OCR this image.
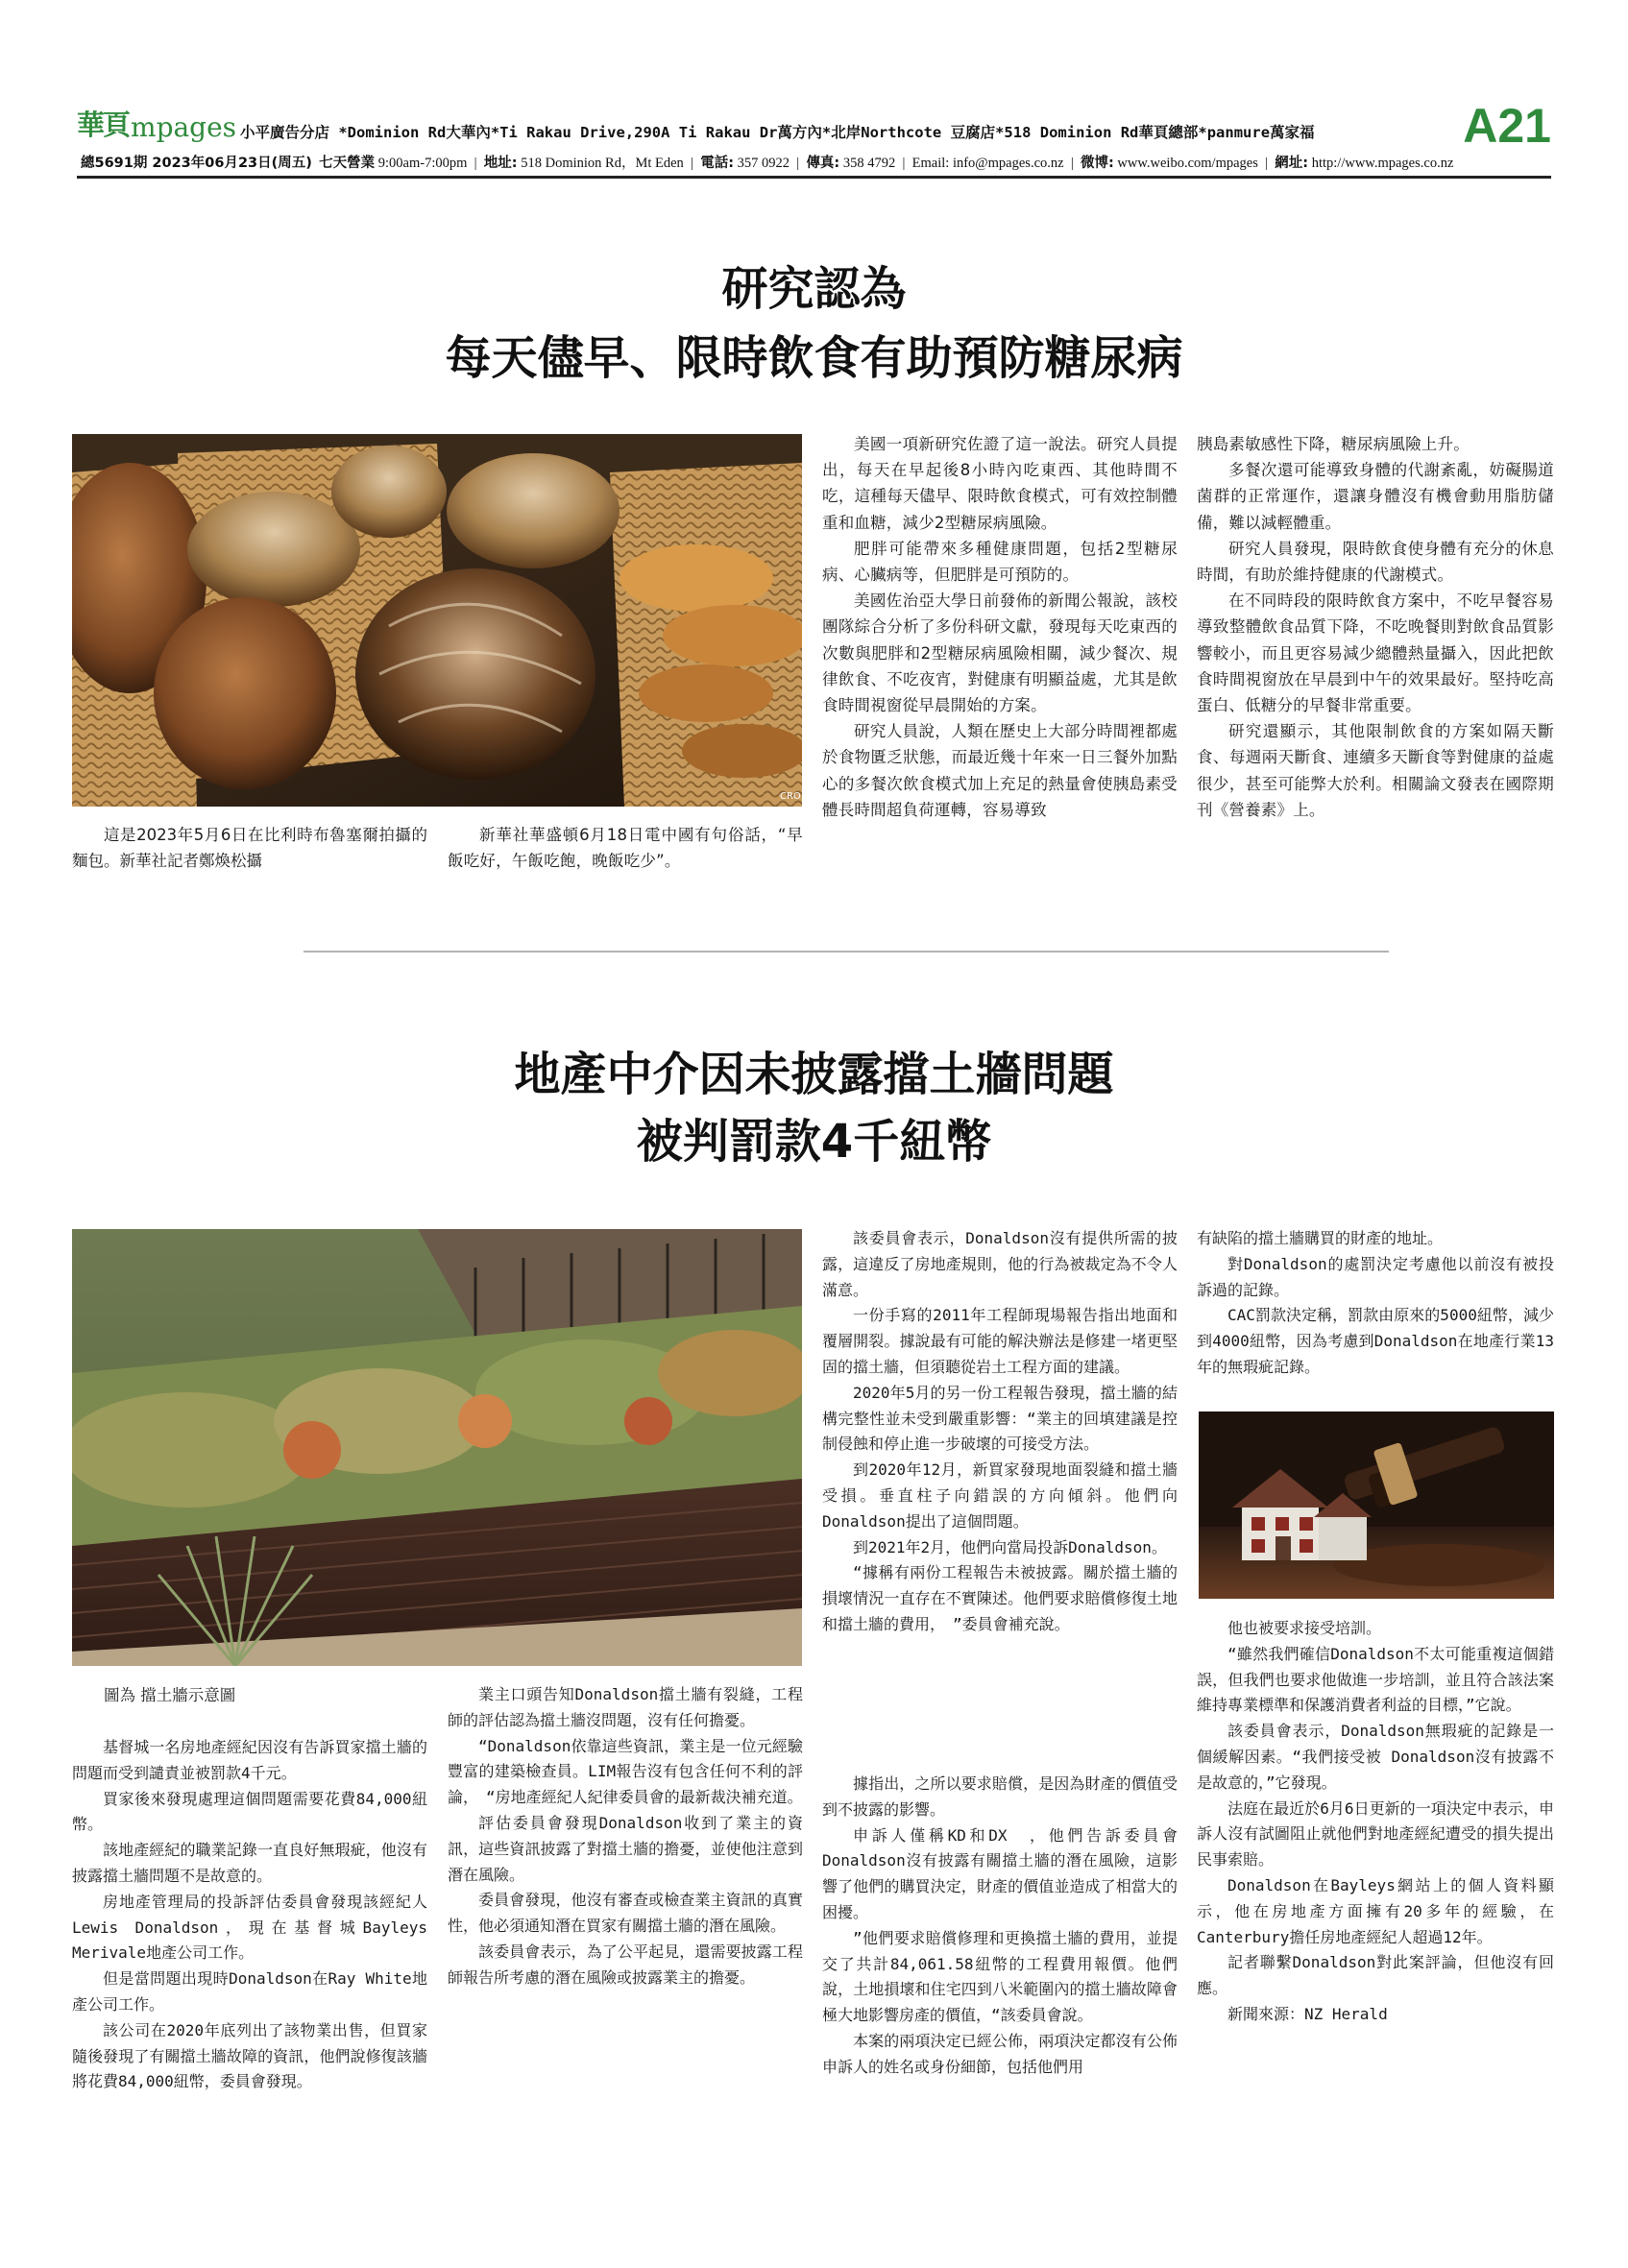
華頁 mpages 小平廣告分店 *Dominion Rd大華內*Ti Rakau Drive,290A Ti Rakau Dr萬方內*北岸Northcote 豆腐店*518 Dominion Rd華頁總部*panmure萬家福	A21
總5691期 2023年06月23日(周五) 七天營業 9:00am-7:00pm  |  地址: 518 Dominion Rd，Mt Eden  |  電話: 357 0922  |  傳真: 358 4792  |  Email: info@mpages.co.nz  |  微博: www.weibo.com/mpages  |  網址: http://www.mpages.co.nz
研究認為
每天儘早、限時飲食有助預防糖尿病
CRO

這是2023年5月6日在比利時布魯塞爾拍攝的麵包。新華社記者鄭煥松攝

新華社華盛頓6月18日電中國有句俗話，“早飯吃好，午飯吃飽，晚飯吃少”。

美國一項新研究佐證了這一說法。研究人員提出，每天在早起後8小時內吃東西、其他時間不吃，這種每天儘早、限時飲食模式，可有效控制體重和血糖，減少2型糖尿病風險。

肥胖可能帶來多種健康問題，包括2型糖尿病、心臟病等，但肥胖是可預防的。

美國佐治亞大學日前發佈的新聞公報說，該校團隊綜合分析了多份科研文獻，發現每天吃東西的次數與肥胖和2型糖尿病風險相關，減少餐次、規律飲食、不吃夜宵，對健康有明顯益處，尤其是飲食時間視窗從早晨開始的方案。

研究人員說，人類在歷史上大部分時間裡都處於食物匱乏狀態，而最近幾十年來一日三餐外加點心的多餐次飲食模式加上充足的熱量會使胰島素受體長時間超負荷運轉，容易導致

胰島素敏感性下降，糖尿病風險上升。

多餐次還可能導致身體的代謝紊亂，妨礙腸道菌群的正常運作，還讓身體沒有機會動用脂肪儲備，難以減輕體重。

研究人員發現，限時飲食使身體有充分的休息時間，有助於維持健康的代謝模式。

在不同時段的限時飲食方案中，不吃早餐容易導致整體飲食品質下降，不吃晚餐則對飲食品質影響較小，而且更容易減少總體熱量攝入，因此把飲食時間視窗放在早晨到中午的效果最好。堅持吃高蛋白、低糖分的早餐非常重要。

研究還顯示，其他限制飲食的方案如隔天斷食、每週兩天斷食、連續多天斷食等對健康的益處很少，甚至可能弊大於利。相關論文發表在國際期刊《營養素》上。

地產中介因未披露擋土牆問題
被判罰款4千紐幣

圖為 擋土牆示意圖

基督城一名房地產經紀因沒有告訴買家擋土牆的問題而受到譴責並被罰款4千元。

買家後來發現處理這個問題需要花費84,000紐幣。

該地產經紀的職業記錄一直良好無瑕疵，他沒有披露擋土牆問題不是故意的。

房地產管理局的投訴評估委員會發現該經紀人Lewis Donaldson，現在基督城Bayleys Merivale地產公司工作。

但是當問題出現時Donaldson在Ray White地產公司工作。

該公司在2020年底列出了該物業出售，但買家隨後發現了有關擋土牆故障的資訊，他們說修復該牆將花費84,000紐幣，委員會發現。

業主口頭告知Donaldson擋土牆有裂縫，工程師的評估認為擋土牆沒問題，沒有任何擔憂。

“Donaldson依靠這些資訊，業主是一位元經驗豐富的建築檢查員。LIM報告沒有包含任何不利的評論，　“房地產經紀人紀律委員會的最新裁決補充道。

評估委員會發現Donaldson收到了業主的資訊，這些資訊披露了對擋土牆的擔憂，並使他注意到潛在風險。

委員會發現，他沒有審查或檢查業主資訊的真實性，他必須通知潛在買家有關擋土牆的潛在風險。

該委員會表示，為了公平起見，還需要披露工程師報告所考慮的潛在風險或披露業主的擔憂。

該委員會表示，Donaldson沒有提供所需的披露，這違反了房地產規則，他的行為被裁定為不令人滿意。

一份手寫的2011年工程師現場報告指出地面和覆層開裂。據說最有可能的解決辦法是修建一堵更堅固的擋土牆，但須聽從岩土工程方面的建議。

2020年5月的另一份工程報告發現，擋土牆的結構完整性並未受到嚴重影響：“業主的回填建議是控制侵蝕和停止進一步破壞的可接受方法。

到2020年12月，新買家發現地面裂縫和擋土牆受損。垂直柱子向錯誤的方向傾斜。他們向Donaldson提出了這個問題。

到2021年2月，他們向當局投訴Donaldson。

“據稱有兩份工程報告未被披露。關於擋土牆的損壞情況一直存在不實陳述。他們要求賠償修復土地和擋土牆的費用，　”委員會補充說。

據指出，之所以要求賠償，是因為財產的價值受到不披露的影響。

申訴人僅稱KD和DX　，他們告訴委員會Donaldson沒有披露有關擋土牆的潛在風險，這影響了他們的購買決定，財產的價值並造成了相當大的困擾。

”他們要求賠償修理和更換擋土牆的費用，並提交了共計84,061.58紐幣的工程費用報價。他們說，土地損壞和住宅四到八米範圍內的擋土牆故障會極大地影響房產的價值，“該委員會說。

本案的兩項決定已經公佈，兩項決定都沒有公佈申訴人的姓名或身份細節，包括他們用

有缺陷的擋土牆購買的財產的地址。

對Donaldson的處罰決定考慮他以前沒有被投訴過的記錄。

CAC罰款決定稱，罰款由原來的5000紐幣，減少到4000紐幣，因為考慮到Donaldson在地產行業13年的無瑕疵記錄。

他也被要求接受培訓。

“雖然我們確信Donaldson不太可能重複這個錯誤，但我們也要求他做進一步培訓，並且符合該法案維持專業標準和保護消費者利益的目標，”它說。

該委員會表示，Donaldson無瑕疵的記錄是一個緩解因素。“我們接受被 Donaldson沒有披露不是故意的，”它發現。

法庭在最近於6月6日更新的一項決定中表示，申訴人沒有試圖阻止就他們對地產經紀遭受的損失提出民事索賠。

Donaldson在Bayleys網站上的個人資料顯示，他在房地產方面擁有20多年的經驗，在Canterbury擔任房地產經紀人超過12年。

記者聯繫Donaldson對此案評論，但他沒有回應。

新聞來源：NZ Herald
